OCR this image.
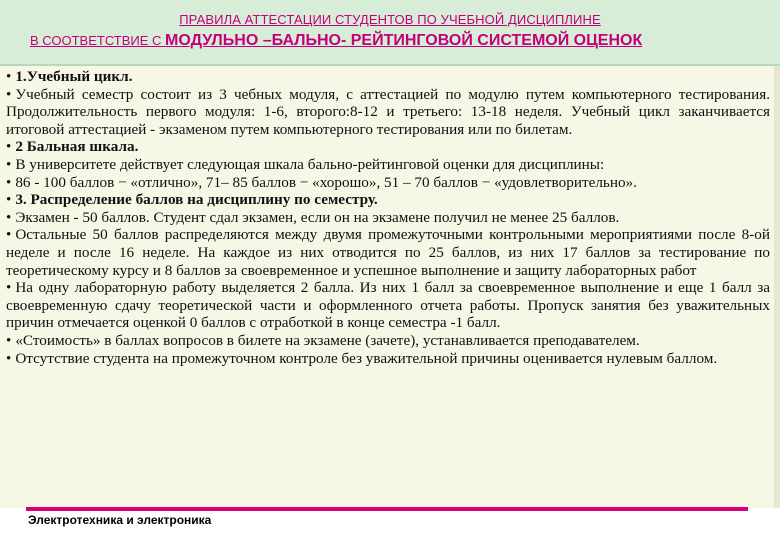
ПРАВИЛА АТТЕСТАЦИИ СТУДЕНТОВ ПО УЧЕБНОЙ ДИСЦИПЛИНЕ
В СООТВЕТСТВИЕ С МОДУЛЬНО –БАЛЬНО- РЕЙТИНГОВОЙ СИСТЕМОЙ ОЦЕНОК

• 1.Учебный цикл.

• Учебный семестр состоит из 3 чебных модуля, с аттестацией по модулю путем компьютерного тестирования. Продолжительность первого модуля: 1-6, второго:8-12 и третьего: 13-18 неделя. Учебный цикл заканчивается итоговой аттестацией - экзаменом путем компьютерного тестирования или по билетам.

• 2 Бальная шкала.

• В университете действует следующая шкала бально-рейтинговой оценки для дисциплины:

• 86 - 100 баллов − «отлично», 71– 85 баллов − «хорошо», 51 – 70 баллов − «удовлетворительно».

• 3. Распределение баллов на дисциплину по семестру.

• Экзамен - 50 баллов. Студент сдал экзамен, если он на экзамене получил не менее 25 баллов.

• Остальные 50 баллов распределяются между двумя промежуточными контрольными мероприятиями после 8-ой неделе и после 16 неделе. На каждое из них отводится по 25 баллов, из них 17 баллов за тестирование по теоретическому курсу и 8 баллов за своевременное и успешное выполнение и защиту лабораторных работ

• На одну лабораторную работу выделяется 2 балла. Из них 1 балл за своевременное выполнение и еще 1 балл за своевременную сдачу теоретической части и оформленного отчета работы. Пропуск занятия без уважительных причин отмечается оценкой 0 баллов с отработкой в конце семестра -1 балл.

• «Стоимость» в баллах вопросов в билете на экзамене (зачете), устанавливается преподавателем.

• Отсутствие студента на промежуточном контроле без уважительной причины оценивается нулевым баллом.

Электротехника и электроника
